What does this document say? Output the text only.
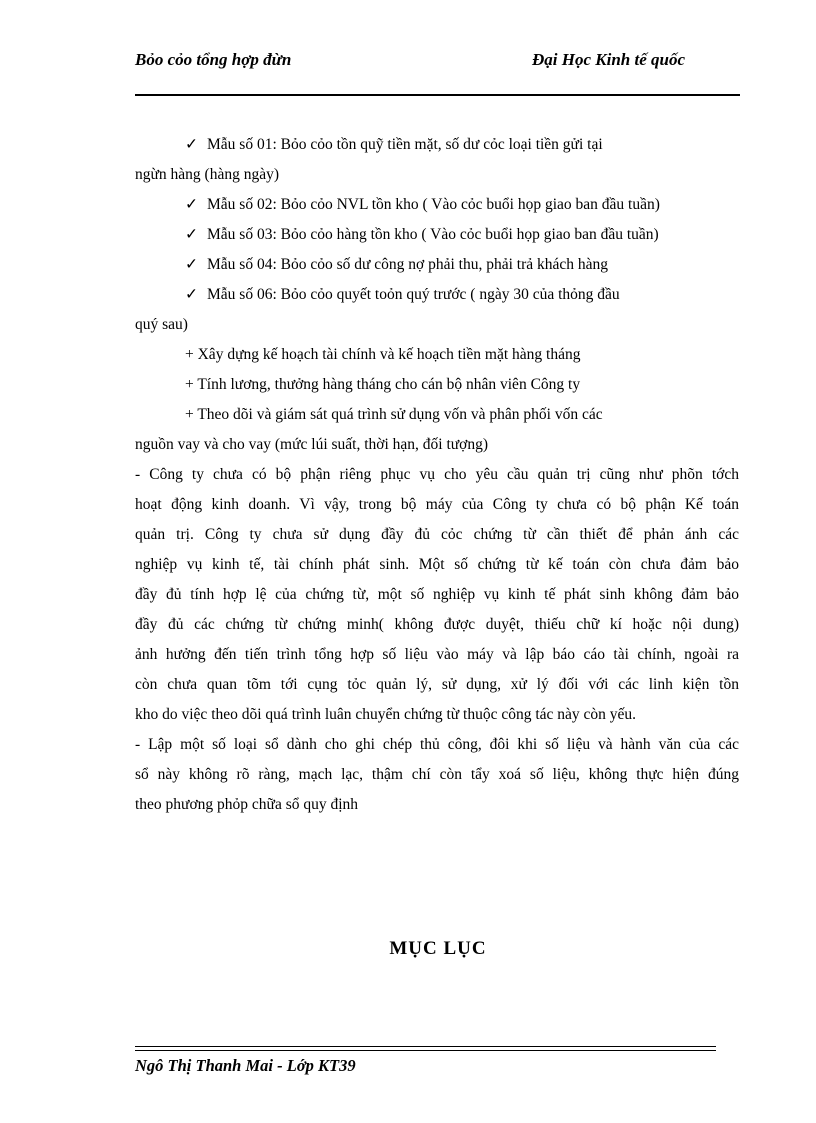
Bỏo cỏo tổng hợp đừn	Đại Học Kinh tế quốc
✓ Mẫu số 01: Bỏo cỏo tồn quỹ tiền mặt, số dư cỏc loại tiền gửi tại
ngừn hàng (hàng ngày)
✓ Mẫu số 02: Bỏo cỏo NVL tồn kho ( Vào cỏc buổi họp giao ban đầu tuần)
✓ Mẫu số 03: Bỏo cỏo hàng tồn kho ( Vào cỏc buổi họp giao ban đầu tuần)
✓ Mẫu số 04: Bỏo cỏo số dư công nợ phải thu, phải trả khách hàng
✓ Mẫu số 06: Bỏo cỏo quyết toỏn quý trước ( ngày 30 của thỏng đầu
quý sau)
+ Xây dựng kế hoạch tài chính và kế hoạch tiền mặt hàng tháng
+ Tính lương, thưởng hàng tháng cho cán bộ nhân viên Công ty
+ Theo dõi và giám sát quá trình sử dụng vốn và phân phối vốn các
nguồn vay và cho vay (mức lúi suất, thời hạn, đối tượng)
- Công ty chưa có bộ phận riêng phục vụ cho yêu cầu quản trị cũng như phõn tớch
hoạt động kinh doanh. Vì vậy, trong bộ máy của Công ty chưa có bộ phận Kế toán
quản trị. Công ty chưa sử dụng đầy đủ cỏc chứng từ cần thiết để phản ánh các
nghiệp vụ kinh tế, tài chính phát sinh. Một số chứng từ kế toán còn chưa đảm bảo
đầy đủ tính hợp lệ của chứng từ, một số nghiệp vụ kinh tế phát sinh không đảm bảo
đầy đủ các chứng từ chứng minh( không được duyệt, thiếu chữ kí hoặc nội dung)
ảnh hưởng đến tiến trình tổng hợp số liệu vào máy và lập báo cáo tài chính, ngoài ra
còn chưa quan tõm tới cụng tỏc quản lý, sử dụng, xử lý đối với các linh kiện tồn
kho do việc theo dõi quá trình luân chuyển chứng từ thuộc công tác này còn yếu.
- Lập một số loại sổ dành cho ghi chép thủ công, đôi khi số liệu và hành văn của các
sổ này không rõ ràng, mạch lạc, thậm chí còn tẩy xoá số liệu, không thực hiện đúng
theo phương phỏp chữa sổ quy định
MỤC LỤC
Ngô Thị Thanh Mai - Lớp KT39
